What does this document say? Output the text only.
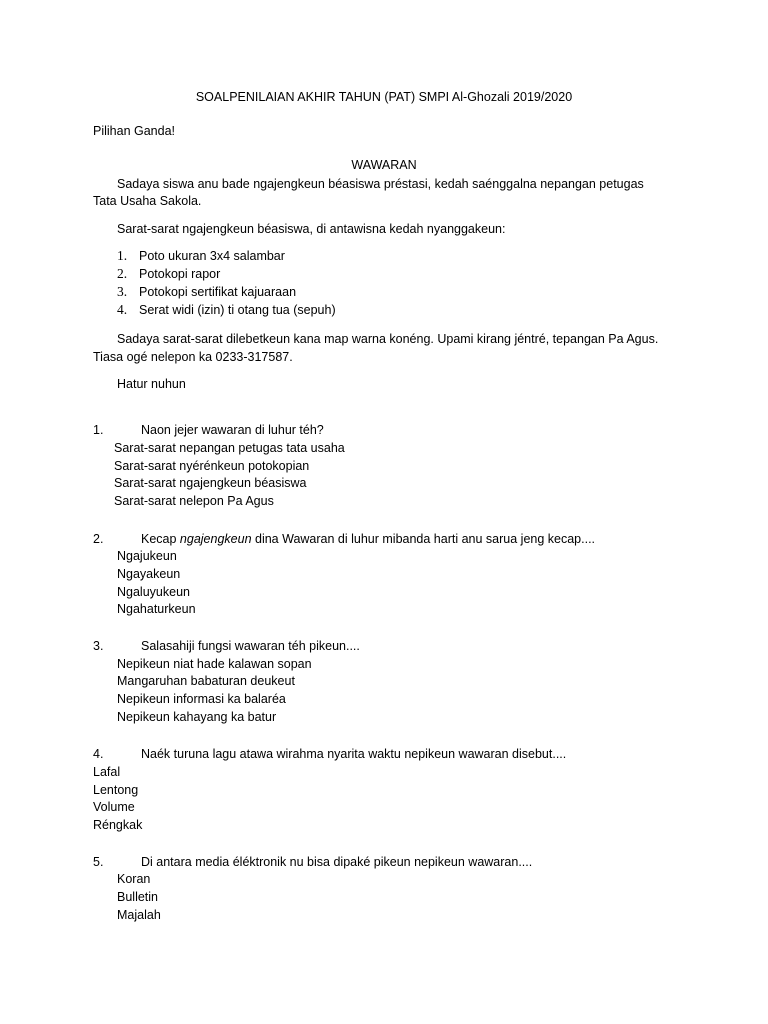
SOALPENILAIAN AKHIR TAHUN (PAT) SMPI Al-Ghozali 2019/2020
Pilihan Ganda!
WAWARAN
Sadaya siswa anu bade ngajengkeun béasiswa préstasi, kedah saénggalna nepangan petugas
Tata Usaha Sakola.
Sarat-sarat ngajengkeun béasiswa, di antawisna kedah nyanggakeun:
1. Poto ukuran 3x4 salambar
2. Potokopi rapor
3. Potokopi sertifikat kajuaraan
4. Serat widi (izin) ti otang tua (sepuh)
Sadaya sarat-sarat dilebetkeun kana map warna konéng. Upami kirang jéntré, tepangan Pa Agus.
Tiasa ogé nelepon ka 0233-317587.
Hatur nuhun
1.	Naon jejer wawaran di luhur téh?
Sarat-sarat nepangan petugas tata usaha
Sarat-sarat nyérénkeun potokopian
Sarat-sarat ngajengkeun béasiswa
Sarat-sarat nelepon Pa Agus
2.	Kecap ngajengkeun dina Wawaran di luhur mibanda harti anu sarua jeng kecap....
Ngajukeun
Ngayakeun
Ngaluyukeun
Ngahaturkeun
3.	Salasahiji fungsi wawaran téh pikeun....
Nepikeun niat hade kalawan sopan
Mangaruhan babaturan deukeut
Nepikeun informasi ka balaréa
Nepikeun kahayang ka batur
4.	Naék turuna lagu atawa wirahma nyarita waktu nepikeun wawaran disebut....
Lafal
Lentong
Volume
Réngkak
5.	Di antara media éléktronik nu bisa dipaké pikeun nepikeun wawaran....
Koran
Bulletin
Majalah
